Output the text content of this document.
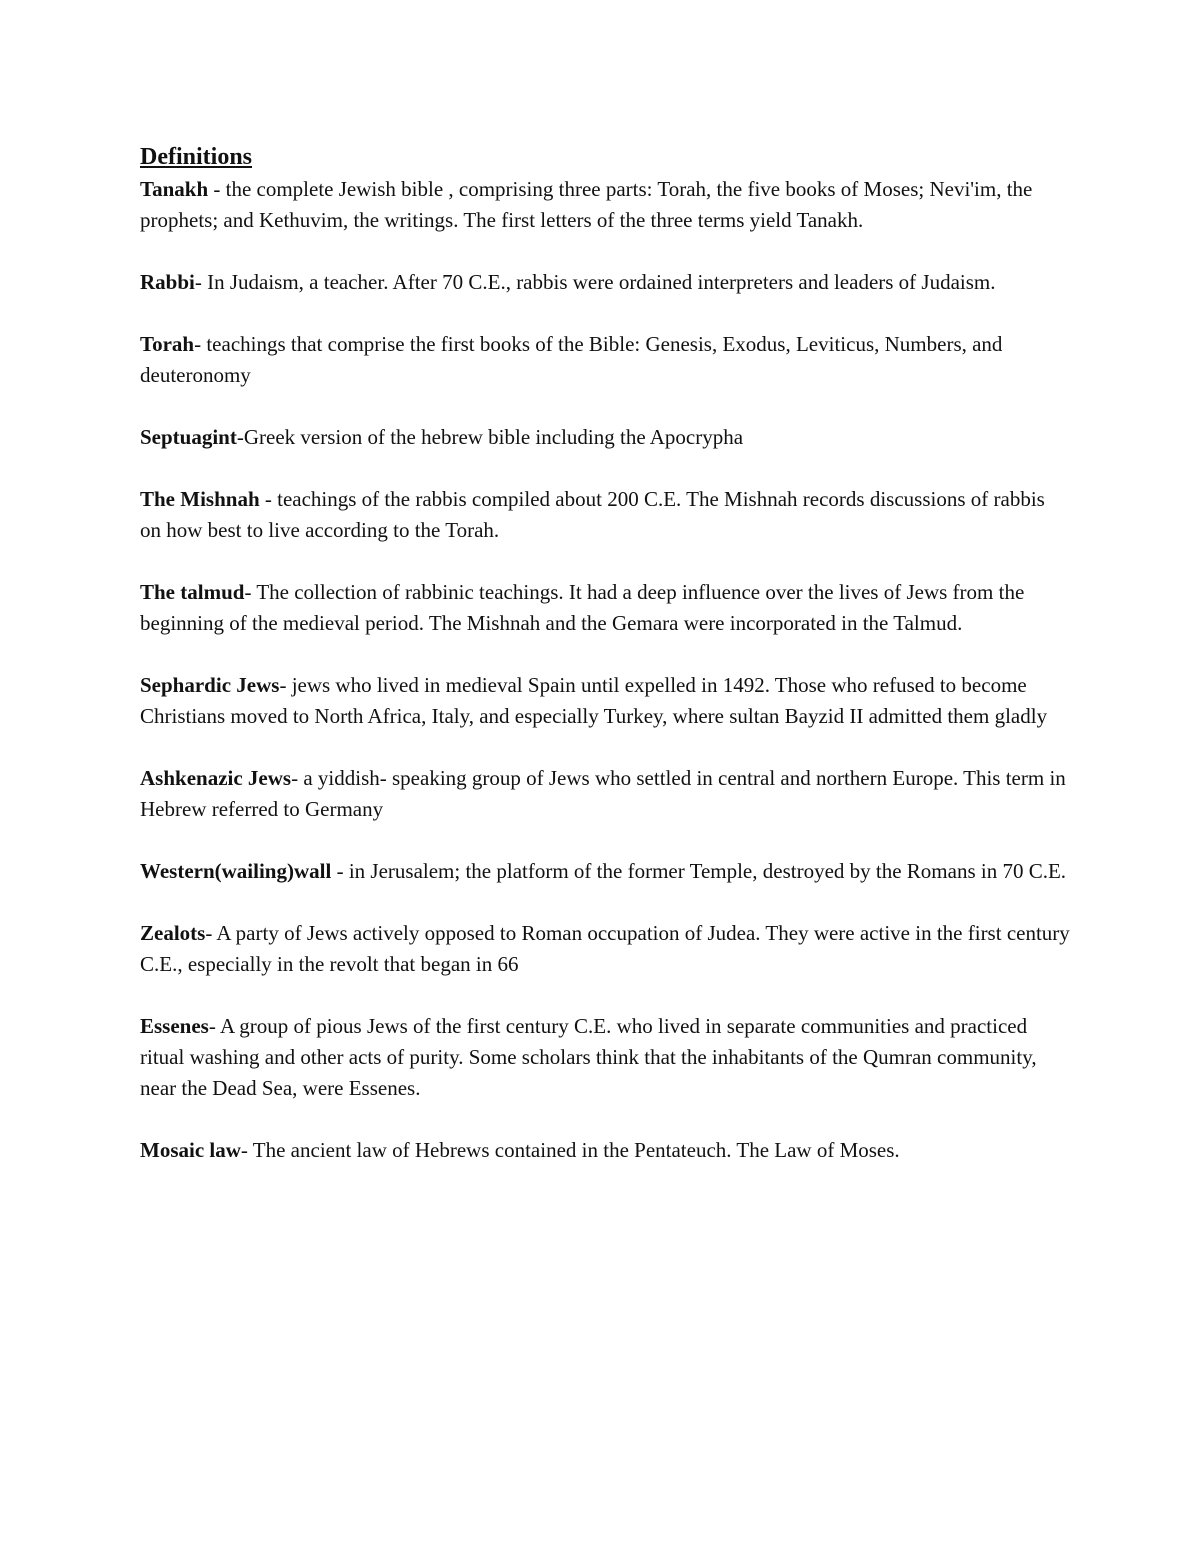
Definitions

Tanakh - the complete Jewish bible , comprising three parts: Torah, the five books of Moses; Nevi'im, the prophets; and Kethuvim, the writings. The first letters of the three terms yield Tanakh.

Rabbi- In Judaism, a teacher. After 70 C.E., rabbis were ordained interpreters and leaders of Judaism.

Torah- teachings that comprise the first books of the Bible: Genesis, Exodus, Leviticus, Numbers, and deuteronomy

Septuagint-Greek version of the hebrew bible including the Apocrypha

The Mishnah - teachings of the rabbis compiled about 200 C.E. The Mishnah records discussions of rabbis on how best to live according to the Torah.

The talmud- The collection of rabbinic teachings. It had a deep influence over the lives of Jews from the beginning of the medieval period. The Mishnah and the Gemara were incorporated in the Talmud.

Sephardic Jews- jews who lived in medieval Spain until expelled in 1492. Those who refused to become Christians moved to North Africa, Italy, and especially Turkey, where sultan Bayzid II admitted them gladly

Ashkenazic Jews- a yiddish- speaking group of Jews who settled in central and northern Europe. This term in Hebrew referred to Germany

Western(wailing)wall - in Jerusalem; the platform of the former Temple, destroyed by the Romans in 70 C.E.

Zealots- A party of Jews actively opposed to Roman occupation of Judea. They were active in the first century C.E., especially in the revolt that began in 66

Essenes- A group of pious Jews of the first century C.E. who lived in separate communities and practiced ritual washing and other acts of purity. Some scholars think that the inhabitants of the Qumran community, near the Dead Sea, were Essenes.

Mosaic law- The ancient law of Hebrews contained in the Pentateuch. The Law of Moses.
